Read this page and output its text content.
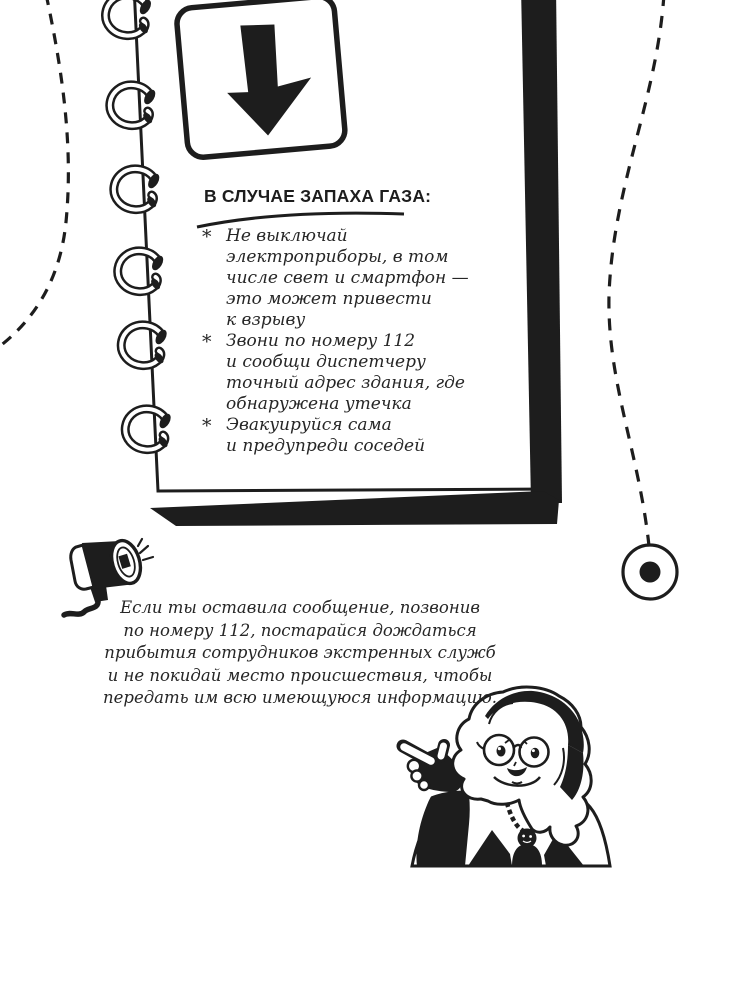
В СЛУЧАЕ ЗАПАХА ГАЗА:
* Не выключай
электроприборы, в том
числе свет и смартфон —
это может привести
к взрыву
* Звони по номеру 112
и сообщи диспетчеру
точный адрес здания, где
обнаружена утечка
* Эвакуируйся сама
и предупреди соседей
Если ты оставила сообщение, позвонив
по номеру 112, постарайся дождаться
прибытия сотрудников экстренных служб
и не покидай место происшествия, чтобы
передать им всю имеющуюся информацию.
